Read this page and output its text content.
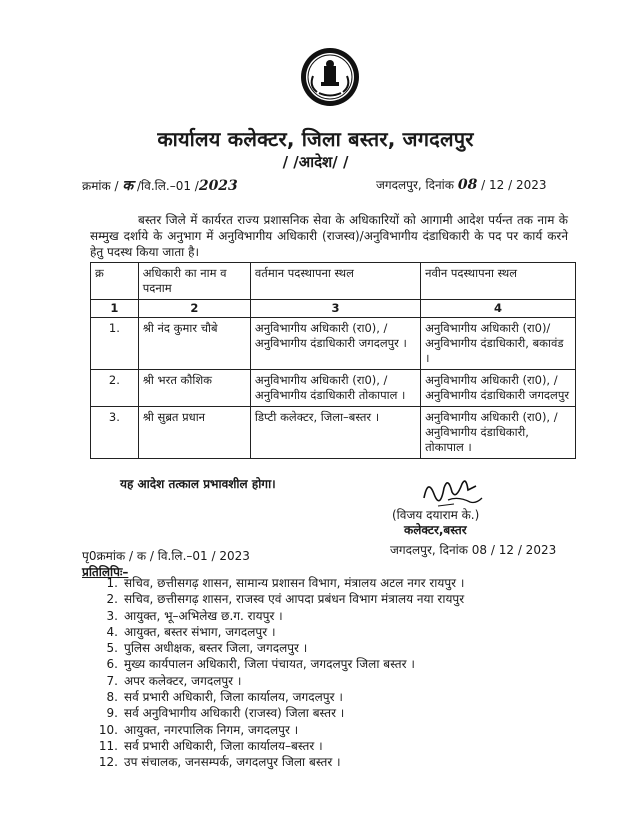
कार्यालय कलेक्टर, जिला बस्तर, जगदलपुर
/ /आदेश/ /
क्रमांक / क /वि.लि.–01 /2023	जगदलपुर, दिनांक 08 / 12 / 2023
बस्तर जिले में कार्यरत राज्य प्रशासनिक सेवा के अधिकारियों को आगामी आदेश पर्यन्त तक नाम के सम्मुख दर्शाये के अनुभाग में अनुविभागीय अधिकारी (राजस्व)/अनुविभागीय दंडाधिकारी के पद पर कार्य करने हेतु पदस्थ किया जाता है।
क्र	अधिकारी का नाम व पदनाम	वर्तमान पदस्थापना स्थल	नवीन पदस्थापना स्थल
1	2	3	4
1.	श्री नंद कुमार चौबे	अनुविभागीय अधिकारी (रा0), /अनुविभागीय दंडाधिकारी जगदलपुर ।	अनुविभागीय अधिकारी (रा0)/अनुविभागीय दंडाधिकारी, बकावंड ।
2.	श्री भरत कौशिक	अनुविभागीय अधिकारी (रा0), /अनुविभागीय दंडाधिकारी तोकापाल ।	अनुविभागीय अधिकारी (रा0), /अनुविभागीय दंडाधिकारी जगदलपुर
3.	श्री सुब्रत प्रधान	डिप्टी कलेक्टर, जिला–बस्तर ।	अनुविभागीय अधिकारी (रा0), /अनुविभागीय दंडाधिकारी, तोकापाल ।
यह आदेश तत्काल प्रभावशील होगा।
(विजय दयाराम के.)
कलेक्टर,बस्तर
पृ0क्रमांक / क / वि.लि.–01 / 2023	जगदलपुर, दिनांक 08 / 12 / 2023
प्रतिलिपिः–
1. सचिव, छत्तीसगढ़ शासन, सामान्य प्रशासन विभाग, मंत्रालय अटल नगर रायपुर ।
2. सचिव, छत्तीसगढ़ शासन, राजस्व एवं आपदा प्रबंधन विभाग मंत्रालय नया रायपुर
3. आयुक्त, भू–अभिलेख छ.ग. रायपुर ।
4. आयुक्त, बस्तर संभाग, जगदलपुर ।
5. पुलिस अधीक्षक, बस्तर जिला, जगदलपुर ।
6. मुख्य कार्यपालन अधिकारी, जिला पंचायत, जगदलपुर जिला बस्तर ।
7. अपर कलेक्टर, जगदलपुर ।
8. सर्व प्रभारी अधिकारी, जिला कार्यालय, जगदलपुर ।
9. सर्व अनुविभागीय अधिकारी (राजस्व) जिला बस्तर ।
10. आयुक्त, नगरपालिक निगम, जगदलपुर ।
11. सर्व प्रभारी अधिकारी, जिला कार्यालय–बस्तर ।
12. उप संचालक, जनसम्पर्क, जगदलपुर जिला बस्तर ।
